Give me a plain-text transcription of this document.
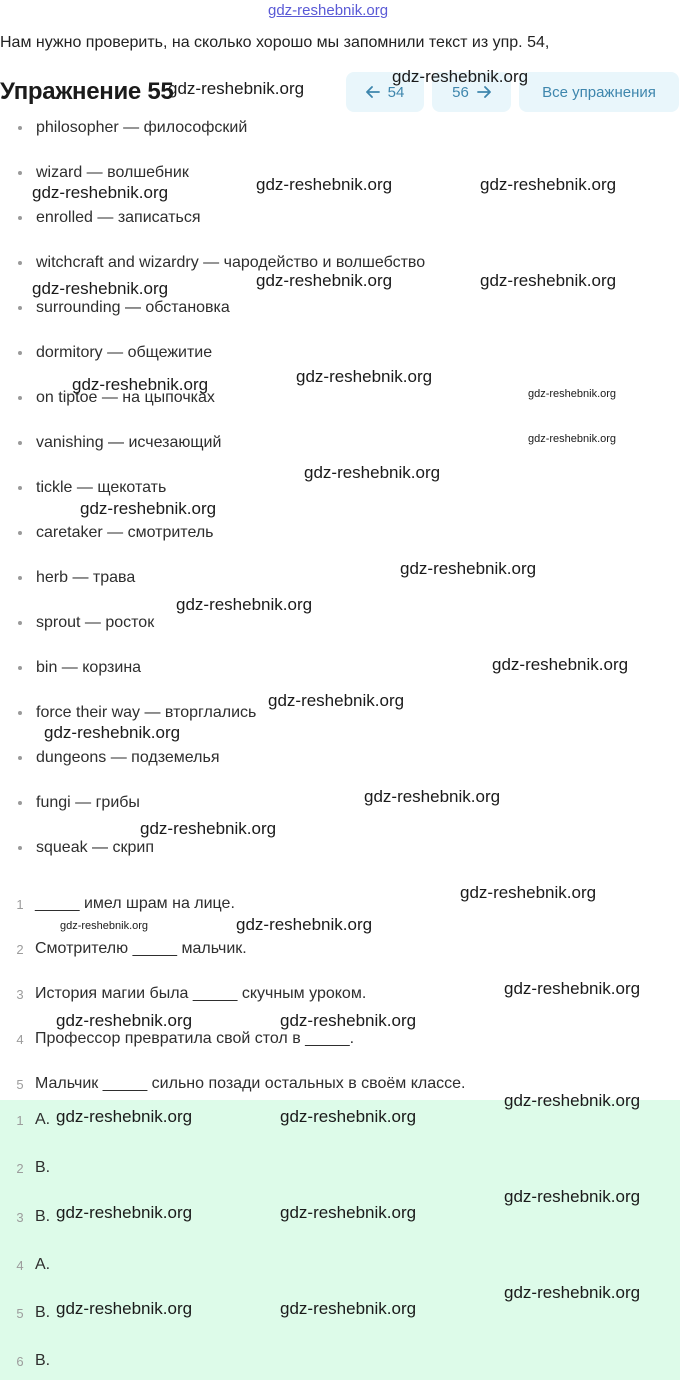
gdz-reshebnik.org
Нам нужно проверить, на сколько хорошо мы запомнили текст из упр. 54,
Упражнение 55	54	56	Все упражнения
philosopher — философский
wizard — волшебник
enrolled — записаться
witchcraft and wizardry — чародейство и волшебство
surrounding — обстановка
dormitory — общежитие
on tiptoe — на цыпочках
vanishing — исчезающий
tickle — щекотать
caretaker — смотритель
herb — трава
sprout — росток
bin — корзина
force their way — вторглались
dungeons — подземелья
fungi — грибы
squeak — скрип
1 _____ имел шрам на лице.
2 Смотрителю _____ мальчик.
3 История магии была _____ скучным уроком.
4 Профессор превратила свой стол в _____.
5 Мальчик _____ сильно позади остальных в своём классе.
1 A.
2 B.
3 B.
4 A.
5 B.
6 B.
gdz-reshebnik.org
gdz-reshebnik.org
gdz-reshebnik.org	gdz-reshebnik.org	gdz-reshebnik.org
gdz-reshebnik.org	gdz-reshebnik.org	gdz-reshebnik.org
gdz-reshebnik.org	gdz-reshebnik.org
gdz-reshebnik.org
gdz-reshebnik.org
gdz-reshebnik.org
gdz-reshebnik.org
gdz-reshebnik.org
gdz-reshebnik.org
gdz-reshebnik.org
gdz-reshebnik.org
gdz-reshebnik.org
gdz-reshebnik.org
gdz-reshebnik.org
gdz-reshebnik.org
gdz-reshebnik.org	gdz-reshebnik.org
gdz-reshebnik.org
gdz-reshebnik.org	gdz-reshebnik.org
gdz-reshebnik.org
gdz-reshebnik.org	gdz-reshebnik.org
gdz-reshebnik.org
gdz-reshebnik.org	gdz-reshebnik.org
gdz-reshebnik.org
gdz-reshebnik.org	gdz-reshebnik.org
